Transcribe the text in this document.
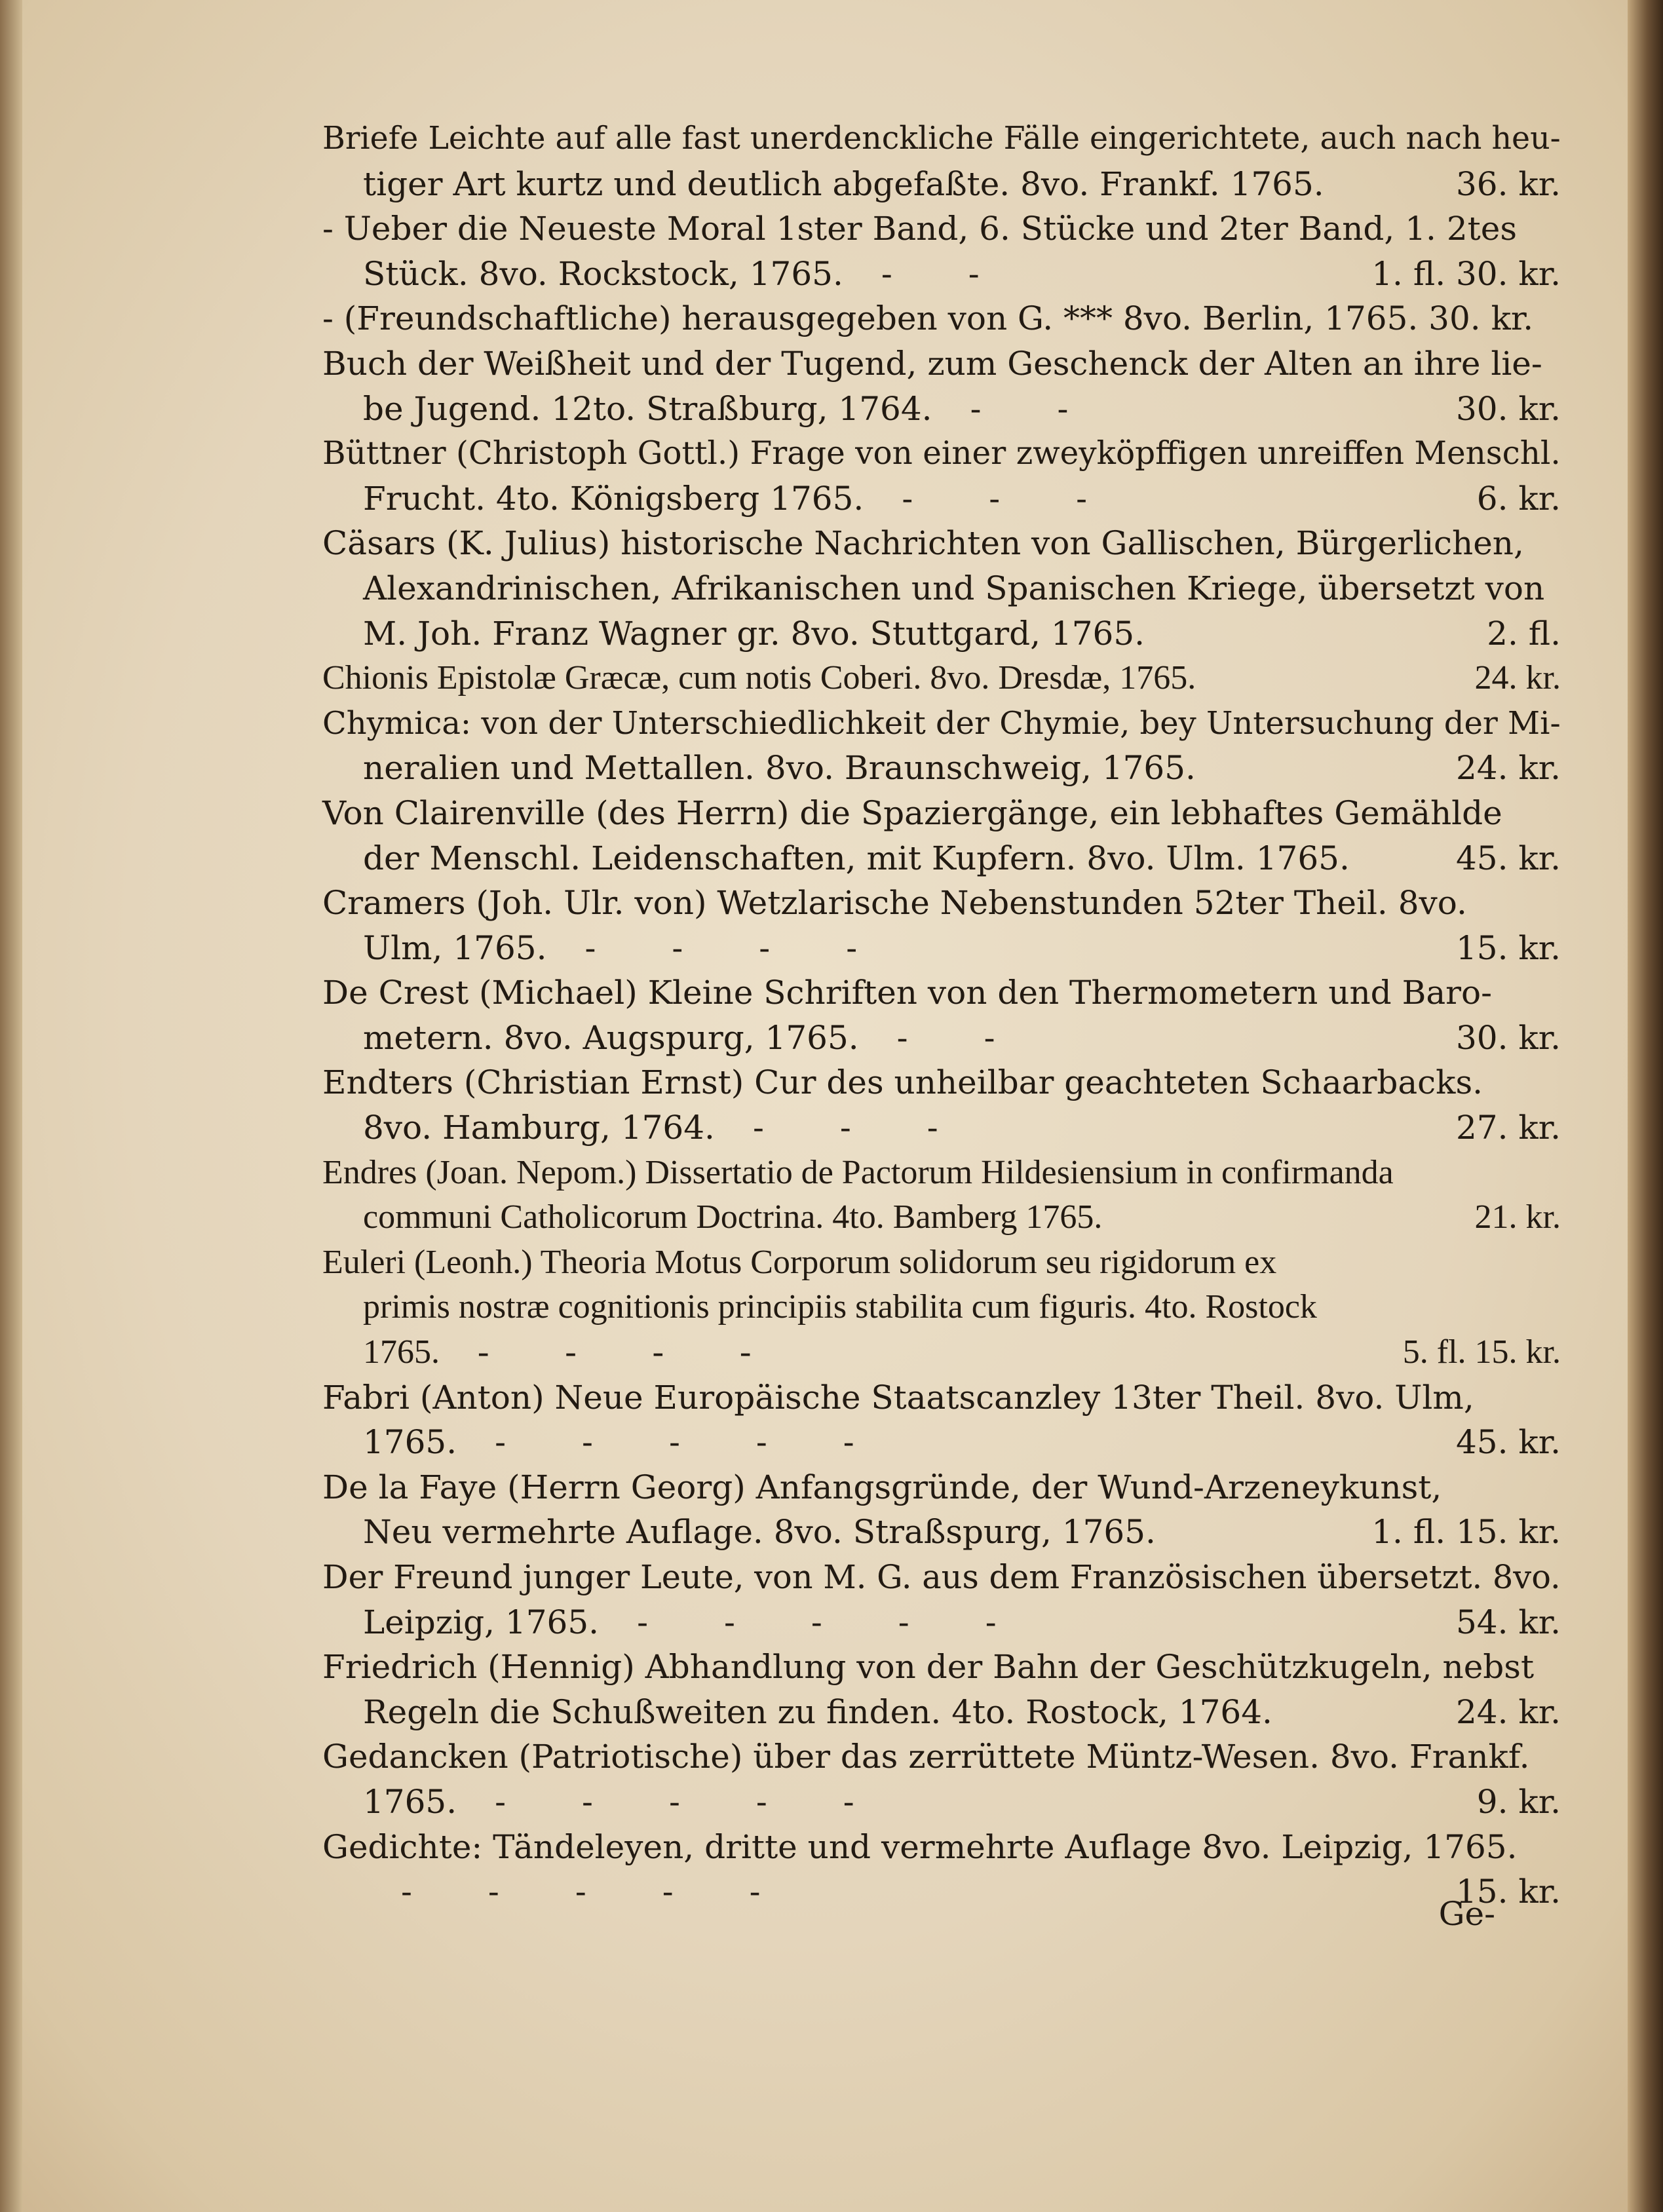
Briefe Leichte auf alle fast unerdenckliche Fälle eingerichtete, auch nach heu-
tiger Art kurtz und deutlich abgefaßte. 8vo. Frankf. 1765.	36. kr.
- Ueber die Neueste Moral 1ster Band, 6. Stücke und 2ter Band, 1. 2tes
Stück. 8vo. Rockstock, 1765. - -	1. fl. 30. kr.
- (Freundschaftliche) herausgegeben von G. *** 8vo. Berlin, 1765. 30. kr.
Buch der Weißheit und der Tugend, zum Geschenck der Alten an ihre lie-
be Jugend. 12to. Straßburg, 1764. - -	30. kr.
Büttner (Christoph Gottl.) Frage von einer zweyköpffigen unreiffen Menschl.
Frucht. 4to. Königsberg 1765. - - -	6. kr.
Cäsars (K. Julius) historische Nachrichten von Gallischen, Bürgerlichen,
Alexandrinischen, Afrikanischen und Spanischen Kriege, übersetzt von
M. Joh. Franz Wagner gr. 8vo. Stuttgard, 1765.	2. fl.
Chionis Epistolæ Græcæ, cum notis Coberi. 8vo. Dresdæ, 1765.	24. kr.
Chymica: von der Unterschiedlichkeit der Chymie, bey Untersuchung der Mi-
neralien und Mettallen. 8vo. Braunschweig, 1765.	24. kr.
Von Clairenville (des Herrn) die Spaziergänge, ein lebhaftes Gemählde
der Menschl. Leidenschaften, mit Kupfern. 8vo. Ulm. 1765.	45. kr.
Cramers (Joh. Ulr. von) Wetzlarische Nebenstunden 52ter Theil. 8vo.
Ulm, 1765. - - - -	15. kr.
De Crest (Michael) Kleine Schriften von den Thermometern und Baro-
metern. 8vo. Augspurg, 1765. - -	30. kr.
Endters (Christian Ernst) Cur des unheilbar geachteten Schaarbacks.
8vo. Hamburg, 1764. - - -	27. kr.
Endres (Joan. Nepom.) Dissertatio de Pactorum Hildesiensium in confirmanda
communi Catholicorum Doctrina. 4to. Bamberg 1765.	21. kr.
Euleri (Leonh.) Theoria Motus Corporum solidorum seu rigidorum ex
primis nostræ cognitionis principiis stabilita cum figuris. 4to. Rostock
1765. - - - -	5. fl. 15. kr.
Fabri (Anton) Neue Europäische Staatscanzley 13ter Theil. 8vo. Ulm,
1765. - - - - -	45. kr.
De la Faye (Herrn Georg) Anfangsgründe, der Wund-Arzeneykunst,
Neu vermehrte Auflage. 8vo. Straßspurg, 1765.	1. fl. 15. kr.
Der Freund junger Leute, von M. G. aus dem Französischen übersetzt. 8vo.
Leipzig, 1765. - - - - -	54. kr.
Friedrich (Hennig) Abhandlung von der Bahn der Geschützkugeln, nebst
Regeln die Schußweiten zu finden. 4to. Rostock, 1764.	24. kr.
Gedancken (Patriotische) über das zerrüttete Müntz-Wesen. 8vo. Frankf.
1765. - - - - -	9. kr.
Gedichte: Tändeleyen, dritte und vermehrte Auflage 8vo. Leipzig, 1765.
- - - - -	15. kr.
Ge-
